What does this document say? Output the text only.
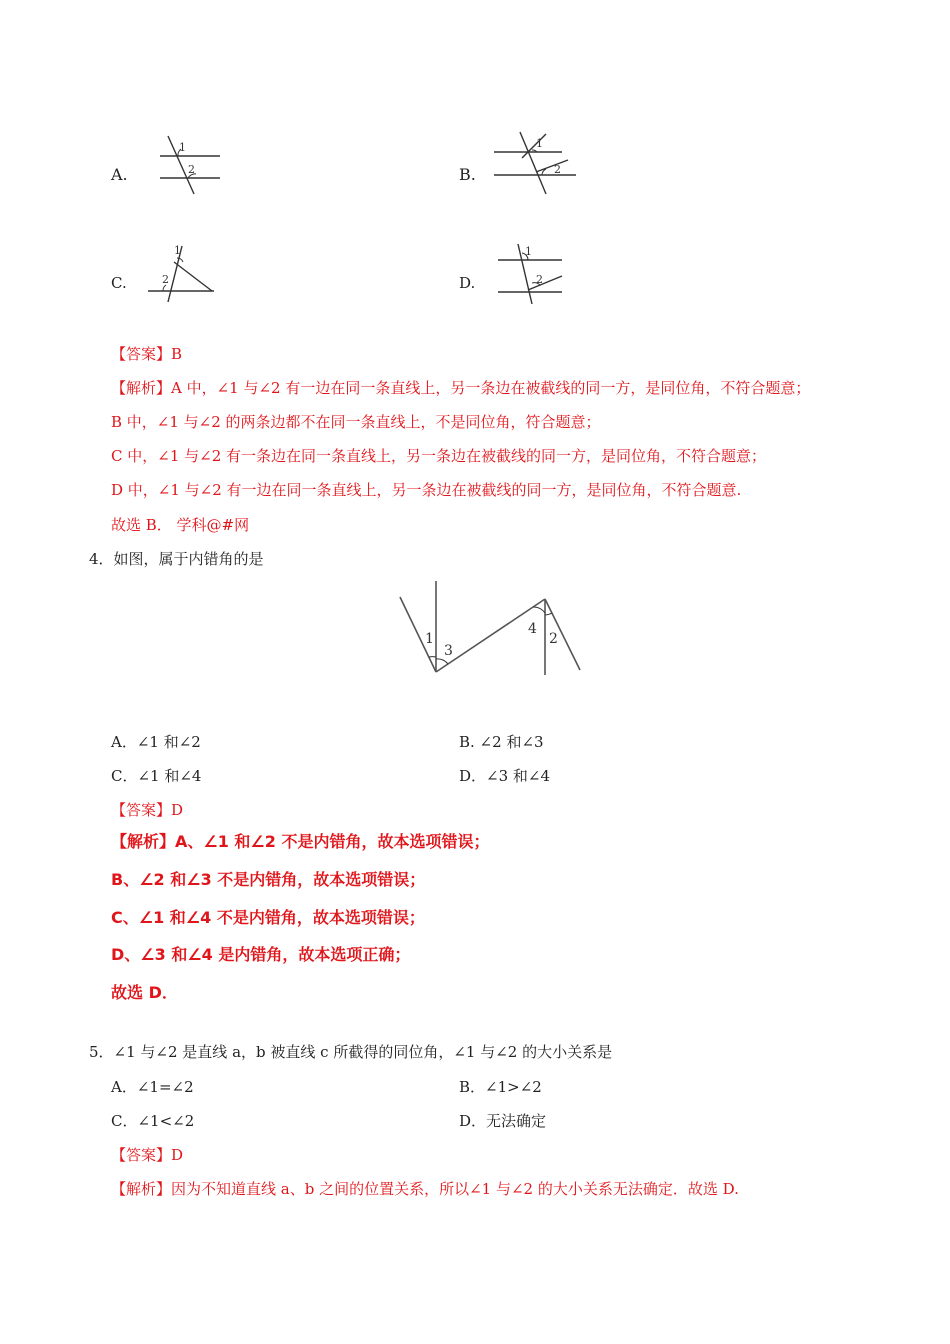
A.
1
2	B.
1
2
C.
1
2	D.
1
2
【答案】B
【解析】A 中，∠1 与∠2 有一边在同一条直线上，另一条边在被截线的同一方，是同位角，不符合题意；
B 中，∠1 与∠2 的两条边都不在同一条直线上，不是同位角，符合题意；
C 中，∠1 与∠2 有一条边在同一条直线上，另一条边在被截线的同一方，是同位角，不符合题意；
D 中，∠1 与∠2 有一边在同一条直线上，另一条边在被截线的同一方，是同位角，不符合题意.
故选 B． 学科@#网
4．如图，属于内错角的是
1
3
4
2
A．∠1 和∠2	B. ∠2 和∠3
C．∠1 和∠4	D．∠3 和∠4
【答案】D
【解析】A、∠1 和∠2 不是内错角，故本选项错误；
B、∠2 和∠3 不是内错角，故本选项错误；
C、∠1 和∠4 不是内错角，故本选项错误；
D、∠3 和∠4 是内错角，故本选项正确；
故选 D．
5．∠1 与∠2 是直线 a，b 被直线 c 所截得的同位角，∠1 与∠2 的大小关系是
A．∠1=∠2	B．∠1>∠2
C．∠1<∠2	D．无法确定
【答案】D
【解析】因为不知道直线 a、b 之间的位置关系，所以∠1 与∠2 的大小关系无法确定．故选 D.
